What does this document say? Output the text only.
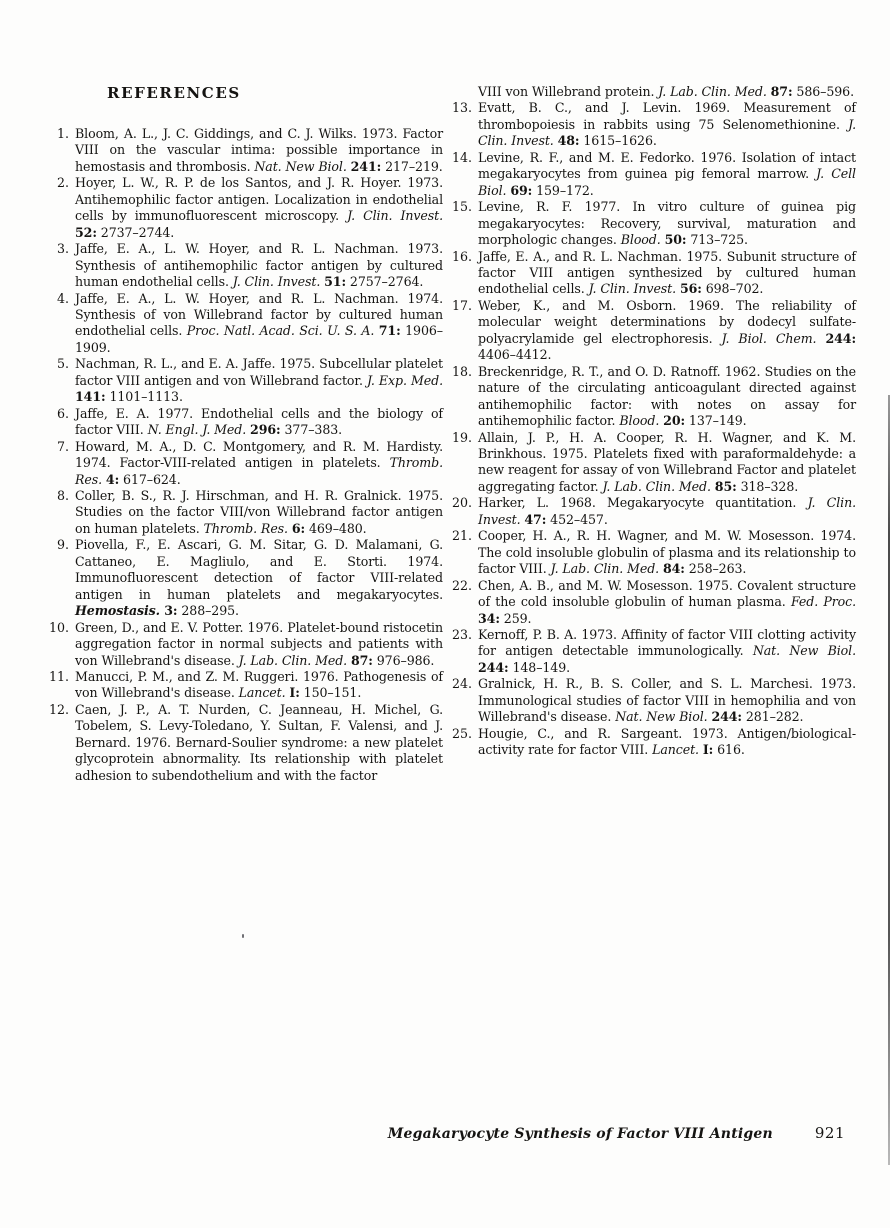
REFERENCES
1. Bloom, A. L., J. C. Giddings, and C. J. Wilks. 1973. Factor VIII on the vascular intima: possible importance in hemostasis and thrombosis. Nat. New Biol. 241: 217–219.
2. Hoyer, L. W., R. P. de los Santos, and J. R. Hoyer. 1973. Antihemophilic factor antigen. Localization in endothelial cells by immunofluorescent microscopy. J. Clin. Invest. 52: 2737–2744.
3. Jaffe, E. A., L. W. Hoyer, and R. L. Nachman. 1973. Synthesis of antihemophilic factor antigen by cultured human endothelial cells. J. Clin. Invest. 51: 2757–2764.
4. Jaffe, E. A., L. W. Hoyer, and R. L. Nachman. 1974. Synthesis of von Willebrand factor by cultured human endothelial cells. Proc. Natl. Acad. Sci. U. S. A. 71: 1906–1909.
5. Nachman, R. L., and E. A. Jaffe. 1975. Subcellular platelet factor VIII antigen and von Willebrand factor. J. Exp. Med. 141: 1101–1113.
6. Jaffe, E. A. 1977. Endothelial cells and the biology of factor VIII. N. Engl. J. Med. 296: 377–383.
7. Howard, M. A., D. C. Montgomery, and R. M. Hardisty. 1974. Factor-VIII-related antigen in platelets. Thromb. Res. 4: 617–624.
8. Coller, B. S., R. J. Hirschman, and H. R. Gralnick. 1975. Studies on the factor VIII/von Willebrand factor antigen on human platelets. Thromb. Res. 6: 469–480.
9. Piovella, F., E. Ascari, G. M. Sitar, G. D. Malamani, G. Cattaneo, E. Magliulo, and E. Storti. 1974. Immunofluorescent detection of factor VIII-related antigen in human platelets and megakaryocytes. Hemostasis. 3: 288–295.
10. Green, D., and E. V. Potter. 1976. Platelet-bound ristocetin aggregation factor in normal subjects and patients with von Willebrand's disease. J. Lab. Clin. Med. 87: 976–986.
11. Manucci, P. M., and Z. M. Ruggeri. 1976. Pathogenesis of von Willebrand's disease. Lancet. I: 150–151.
12. Caen, J. P., A. T. Nurden, C. Jeanneau, H. Michel, G. Tobelem, S. Levy-Toledano, Y. Sultan, F. Valensi, and J. Bernard. 1976. Bernard-Soulier syndrome: a new platelet glycoprotein abnormality. Its relationship with platelet adhesion to subendothelium and with the factor
VIII von Willebrand protein. J. Lab. Clin. Med. 87: 586–596.
13. Evatt, B. C., and J. Levin. 1969. Measurement of thrombopoiesis in rabbits using 75 Selenomethionine. J. Clin. Invest. 48: 1615–1626.
14. Levine, R. F., and M. E. Fedorko. 1976. Isolation of intact megakaryocytes from guinea pig femoral marrow. J. Cell Biol. 69: 159–172.
15. Levine, R. F. 1977. In vitro culture of guinea pig megakaryocytes: Recovery, survival, maturation and morphologic changes. Blood. 50: 713–725.
16. Jaffe, E. A., and R. L. Nachman. 1975. Subunit structure of factor VIII antigen synthesized by cultured human endothelial cells. J. Clin. Invest. 56: 698–702.
17. Weber, K., and M. Osborn. 1969. The reliability of molecular weight determinations by dodecyl sulfate-polyacrylamide gel electrophoresis. J. Biol. Chem. 244: 4406–4412.
18. Breckenridge, R. T., and O. D. Ratnoff. 1962. Studies on the nature of the circulating anticoagulant directed against antihemophilic factor: with notes on assay for antihemophilic factor. Blood. 20: 137–149.
19. Allain, J. P., H. A. Cooper, R. H. Wagner, and K. M. Brinkhous. 1975. Platelets fixed with paraformaldehyde: a new reagent for assay of von Willebrand Factor and platelet aggregating factor. J. Lab. Clin. Med. 85: 318–328.
20. Harker, L. 1968. Megakaryocyte quantitation. J. Clin. Invest. 47: 452–457.
21. Cooper, H. A., R. H. Wagner, and M. W. Mosesson. 1974. The cold insoluble globulin of plasma and its relationship to factor VIII. J. Lab. Clin. Med. 84: 258–263.
22. Chen, A. B., and M. W. Mosesson. 1975. Covalent structure of the cold insoluble globulin of human plasma. Fed. Proc. 34: 259.
23. Kernoff, P. B. A. 1973. Affinity of factor VIII clotting activity for antigen detectable immunologically. Nat. New Biol. 244: 148–149.
24. Gralnick, H. R., B. S. Coller, and S. L. Marchesi. 1973. Immunological studies of factor VIII in hemophilia and von Willebrand's disease. Nat. New Biol. 244: 281–282.
25. Hougie, C., and R. Sargeant. 1973. Antigen/biological-activity rate for factor VIII. Lancet. I: 616.
Megakaryocyte Synthesis of Factor VIII Antigen	921
